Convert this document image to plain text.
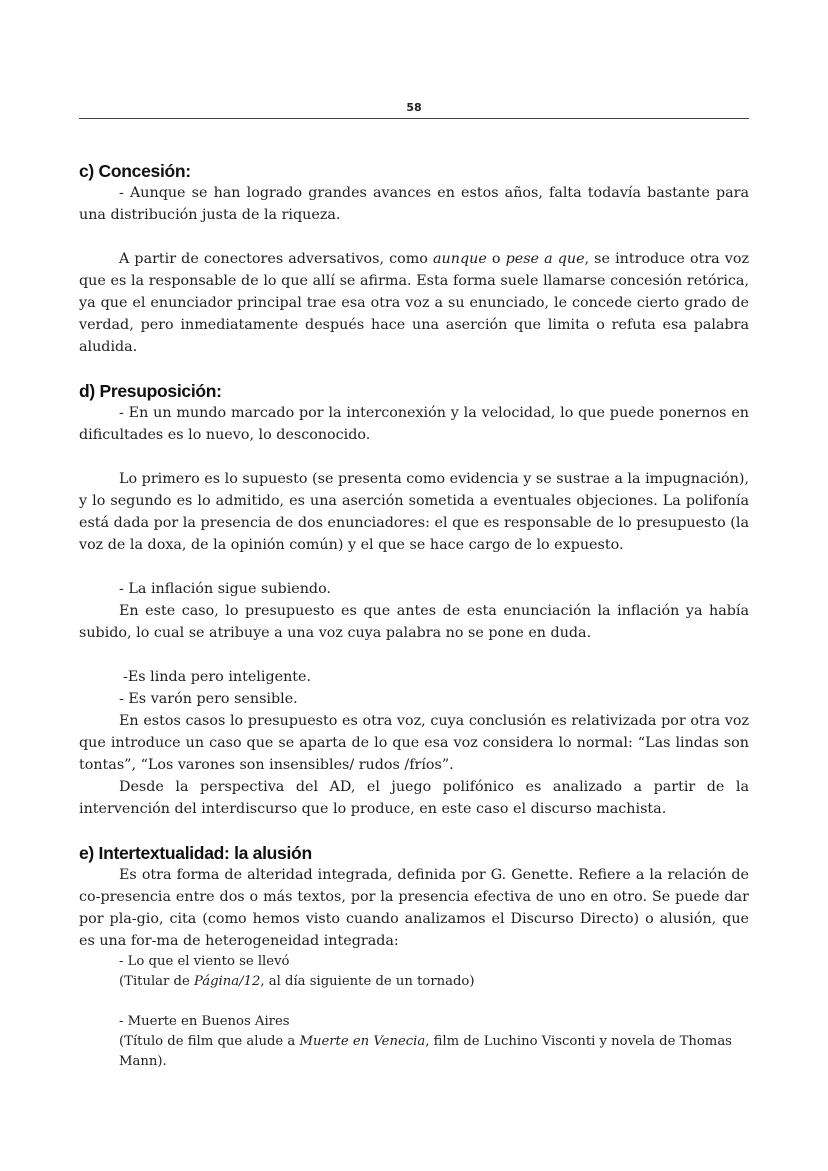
58
c) Concesión:

- Aunque se han logrado grandes avances en estos años, falta todavía bastante para una distribución justa de la riqueza.

A partir de conectores adversativos, como aunque o pese a que, se introduce otra voz que es la responsable de lo que allí se afirma. Esta forma suele llamarse concesión retórica, ya que el enunciador principal trae esa otra voz a su enunciado, le concede cierto grado de verdad, pero inmediatamente después hace una aserción que limita o refuta esa palabra aludida.

d) Presuposición:

- En un mundo marcado por la interconexión y la velocidad, lo que puede ponernos en dificultades es lo nuevo, lo desconocido.

Lo primero es lo supuesto (se presenta como evidencia y se sustrae a la impugnación), y lo segundo es lo admitido, es una aserción sometida a eventuales objeciones. La polifonía está dada por la presencia de dos enunciadores: el que es responsable de lo presupuesto (la voz de la doxa, de la opinión común) y el que se hace cargo de lo expuesto.

- La inflación sigue subiendo.

En este caso, lo presupuesto es que antes de esta enunciación la inflación ya había subido, lo cual se atribuye a una voz cuya palabra no se pone en duda.

-Es linda pero inteligente.

- Es varón pero sensible.

En estos casos lo presupuesto es otra voz, cuya conclusión es relativizada por otra voz que introduce un caso que se aparta de lo que esa voz considera lo normal: “Las lindas son tontas”, “Los varones son insensibles/ rudos /fríos”.

Desde la perspectiva del AD, el juego polifónico es analizado a partir de la intervención del interdiscurso que lo produce, en este caso el discurso machista.

e) Intertextualidad: la alusión

Es otra forma de alteridad integrada, definida por G. Genette. Refiere a la relación de co-presencia entre dos o más textos, por la presencia efectiva de uno en otro. Se puede dar por pla-gio, cita (como hemos visto cuando analizamos el Discurso Directo) o alusión, que es una for-ma de heterogeneidad integrada:

- Lo que el viento se llevó

(Titular de Página/12, al día siguiente de un tornado)

- Muerte en Buenos Aires

(Título de film que alude a Muerte en Venecia, film de Luchino Visconti y novela de Thomas Mann).
